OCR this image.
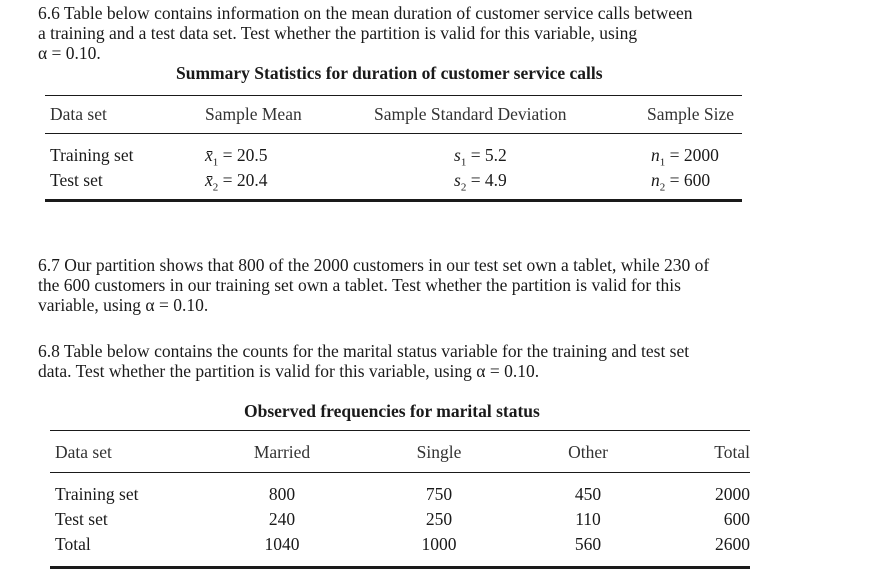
6.6 Table below contains information on the mean duration of customer service calls between
a training and a test data set. Test whether the partition is valid for this variable, using
α = 0.10.

Summary Statistics for duration of customer service calls
Data set	Sample Mean	Sample Standard Deviation	Sample Size
Training set	$x̄_1 = 20.5$	$s_1 = 5.2$	$n_1 = 2000$
Test set	$x̄_2 = 20.4$	$s_2 = 4.9$	$n_2 = 600$

6.7 Our partition shows that 800 of the 2000 customers in our test set own a tablet, while 230 of
the 600 customers in our training set own a tablet. Test whether the partition is valid for this
variable, using α = 0.10.

6.8 Table below contains the counts for the marital status variable for the training and test set
data. Test whether the partition is valid for this variable, using α = 0.10.

Observed frequencies for marital status
Data set	Married	Single	Other	Total
Training set	800	750	450	2000
Test set	240	250	110	600
Total	1040	1000	560	2600
